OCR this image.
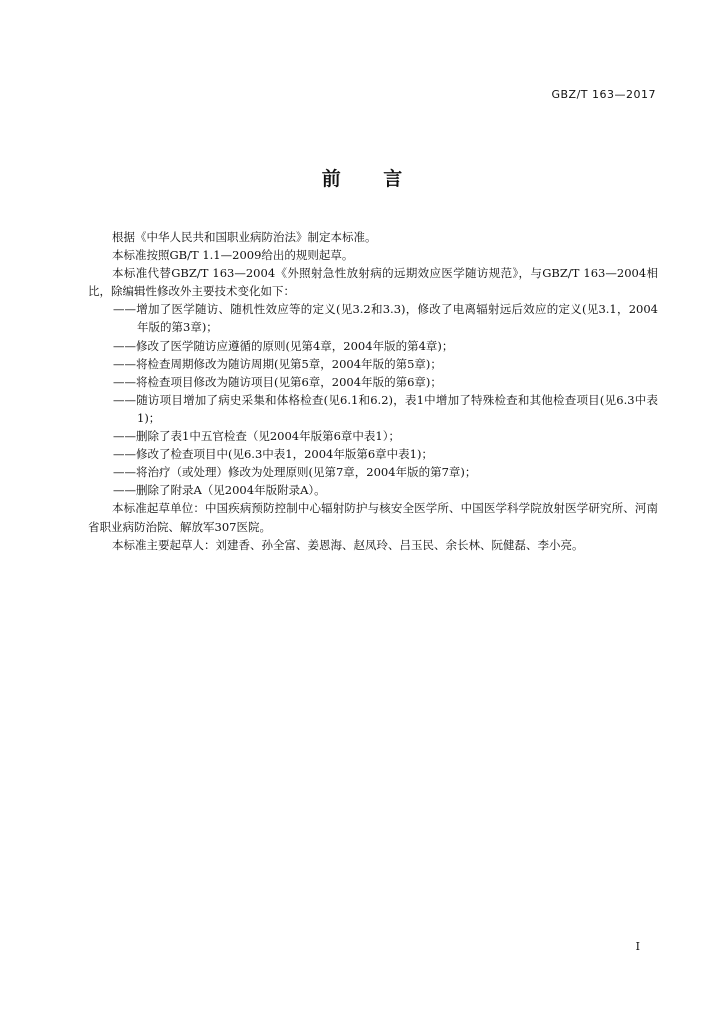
GBZ/T 163—2017
前 言

根据《中华人民共和国职业病防治法》制定本标准。

本标准按照GB/T 1.1—2009给出的规则起草。

本标准代替GBZ/T 163—2004《外照射急性放射病的远期效应医学随访规范》，与GBZ/T 163—2004相比，除编辑性修改外主要技术变化如下：

——增加了医学随访、随机性效应等的定义(见3.2和3.3)，修改了电离辐射远后效应的定义(见3.1，2004年版的第3章)；

——修改了医学随访应遵循的原则(见第4章，2004年版的第4章)；

——将检查周期修改为随访周期(见第5章，2004年版的第5章)；

——将检查项目修改为随访项目(见第6章，2004年版的第6章)；

——随访项目增加了病史采集和体格检查(见6.1和6.2)，表1中增加了特殊检查和其他检查项目(见6.3中表1)；

——删除了表1中五官检查（见2004年版第6章中表1）；

——修改了检查项目中(见6.3中表1，2004年版第6章中表1)；

——将治疗（或处理）修改为处理原则(见第7章，2004年版的第7章)；

——删除了附录A（见2004年版附录A）。

本标准起草单位：中国疾病预防控制中心辐射防护与核安全医学所、中国医学科学院放射医学研究所、河南省职业病防治院、解放军307医院。

本标准主要起草人：刘建香、孙全富、姜恩海、赵凤玲、吕玉民、余长林、阮健磊、李小亮。

I
